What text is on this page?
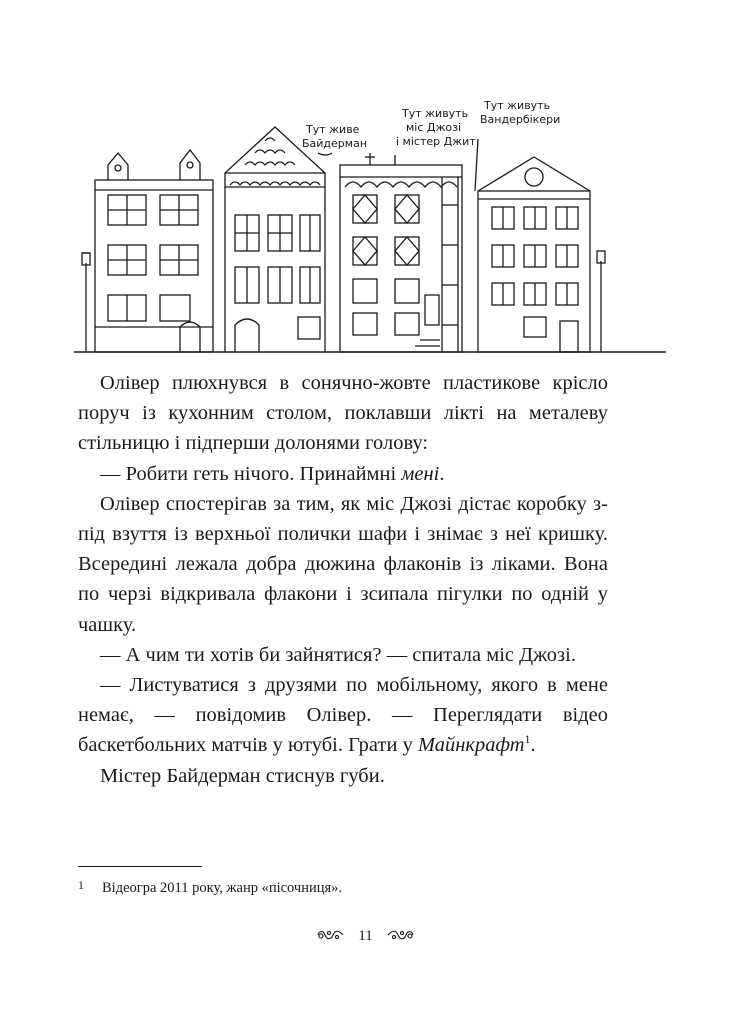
Тут живе
Байдерман
Тут живуть
міс Джозі
і містер Джит
Тут живуть
Вандербікери

Олівер плюхнувся в сонячно-жовте пластикове крісло поруч із кухонним столом, поклавши лікті на металеву стільницю і підперши долонями голову:

— Робити геть нічого. Принаймні мені.

Олівер спостерігав за тим, як міс Джозі дістає коробку з-під взуття із верхньої полички шафи і знімає з неї кришку. Всередині лежала добра дюжина флаконів із ліками. Вона по черзі відкривала флакони і зсипала пігулки по одній у чашку.

— А чим ти хотів би зайнятися? — спитала міс Джозі.

— Листуватися з друзями по мобільному, якого в мене немає, — повідомив Олівер. — Переглядати відео баскетбольних матчів у ютубі. Грати у Майнкрафт$^1$.

Містер Байдерман стиснув губи.

1 Відеогра 2011 року, жанр «пісочниця».
11
